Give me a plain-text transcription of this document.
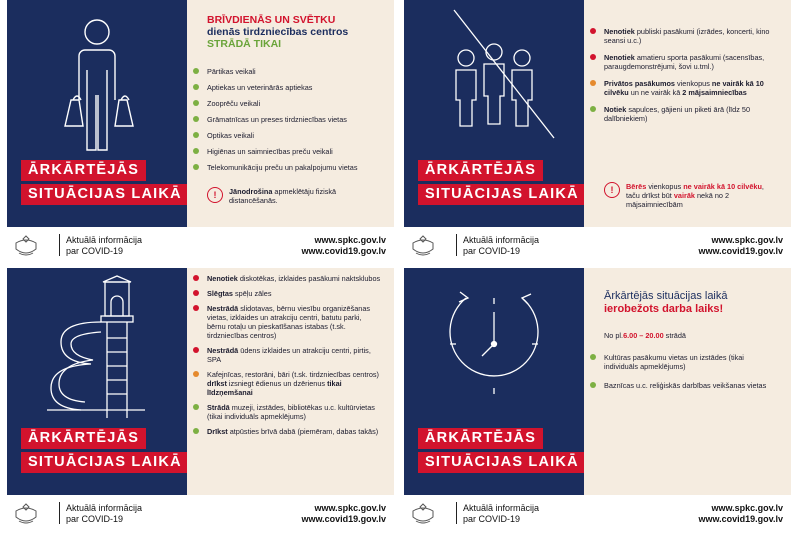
ĀRKĀRTĒJĀS
SITUĀCIJAS LAIKĀ
BRĪVDIENĀS UN SVĒTKU
dienās tirdzniecības centros
STRĀDĀ TIKAI
Pārtikas veikali
Aptiekas un veterinārās aptiekas
Zooprēču veikali
Grāmatnīcas un preses tirdzniecības vietas
Optikas veikali
Higiēnas un saimniecības preču veikali
Telekomunikāciju preču un pakalpojumu vietas
!	Jānodrošina apmeklētāju fiziskā distancēšanās.
Aktuālā informācija
par COVID-19
www.spkc.gov.lv
www.covid19.gov.lv
ĀRKĀRTĒJĀS
SITUĀCIJAS LAIKĀ
Nenotiek publiski pasākumi (izrādes, koncerti, kino seansi u.c.)
Nenotiek amatieru sporta pasākumi (sacensības, paraugdemonstrējumi, šovi u.tml.)
Privātos pasākumos vienkopus ne vairāk kā 10 cilvēku un ne vairāk kā 2 mājsaimniecības
Notiek sapulces, gājieni un piketi ārā (līdz 50 dalībniekiem)
!	Bērēs vienkopus ne vairāk kā 10 cilvēku, taču drīkst būt vairāk nekā no 2 mājsaimniecībām
Aktuālā informācija
par COVID-19
www.spkc.gov.lv
www.covid19.gov.lv
ĀRKĀRTĒJĀS
SITUĀCIJAS LAIKĀ
Nenotiek diskotēkas, izklaides pasākumi naktsklubos
Slēgtas spēļu zāles
Nestrādā slidotavas, bērnu viesību organizēšanas vietas, izklaides un atrakciju centri, batutu parki, bērnu rotaļu un pieskatīšanas istabas (t.sk. tirdzniecības centros)
Nestrādā ūdens izklaides un atrakciju centri, pirtis, SPA
Kafejnīcas, restorāni, bāri (t.sk. tirdzniecības centros) drīkst izsniegt ēdienus un dzērienus tikai līdzņemšanai
Strādā muzeji, izstādes, bibliotēkas u.c. kultūrvietas (tikai individuāls apmeklējums)
Drīkst atpūsties brīvā dabā (piemēram, dabas takās)
Aktuālā informācija
par COVID-19
www.spkc.gov.lv
www.covid19.gov.lv
ĀRKĀRTĒJĀS
SITUĀCIJAS LAIKĀ
Ārkārtējās situācijas laikā
ierobežots darba laiks!
No pl.6.00 – 20.00 strādā
Kultūras pasākumu vietas un izstādes (tikai individuāls apmeklējums)
Baznīcas u.c. reliģiskās darbības veikšanas vietas
Aktuālā informācija
par COVID-19
www.spkc.gov.lv
www.covid19.gov.lv
